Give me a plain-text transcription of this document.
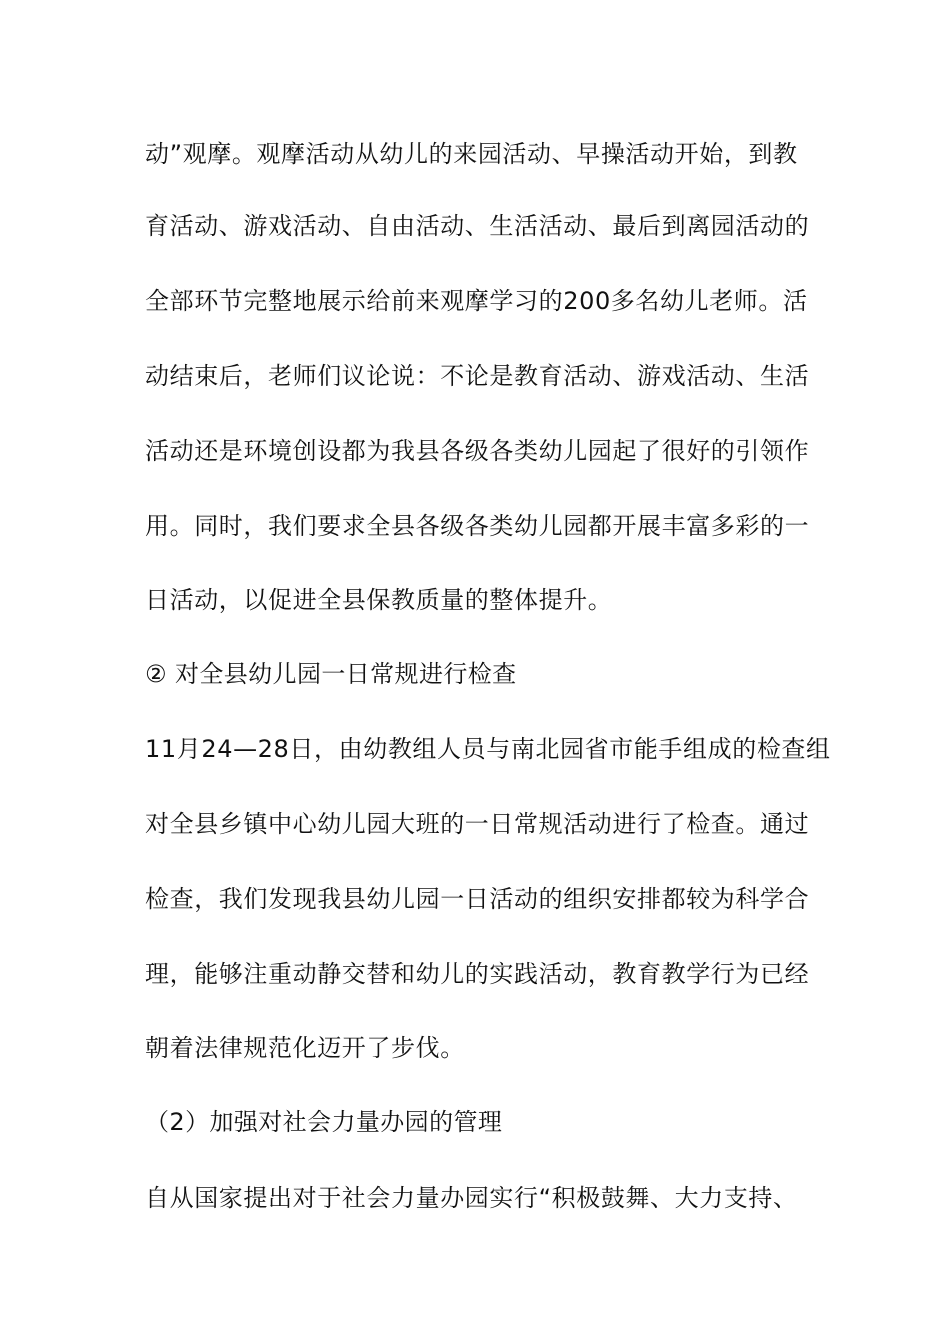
动”观摩。观摩活动从幼儿的来园活动、早操活动开始，到教
育活动、游戏活动、自由活动、生活活动、最后到离园活动的
全部环节完整地展示给前来观摩学习的200多名幼儿老师。活
动结束后，老师们议论说：不论是教育活动、游戏活动、生活
活动还是环境创设都为我县各级各类幼儿园起了很好的引领作
用。同时，我们要求全县各级各类幼儿园都开展丰富多彩的一
日活动，以促进全县保教质量的整体提升。
② 对全县幼儿园一日常规进行检查
11月24—28日，由幼教组人员与南北园省市能手组成的检查组
对全县乡镇中心幼儿园大班的一日常规活动进行了检查。通过
检查，我们发现我县幼儿园一日活动的组织安排都较为科学合
理，能够注重动静交替和幼儿的实践活动，教育教学行为已经
朝着法律规范化迈开了步伐。
（2）加强对社会力量办园的管理
自从国家提出对于社会力量办园实行“积极鼓舞、大力支持、
